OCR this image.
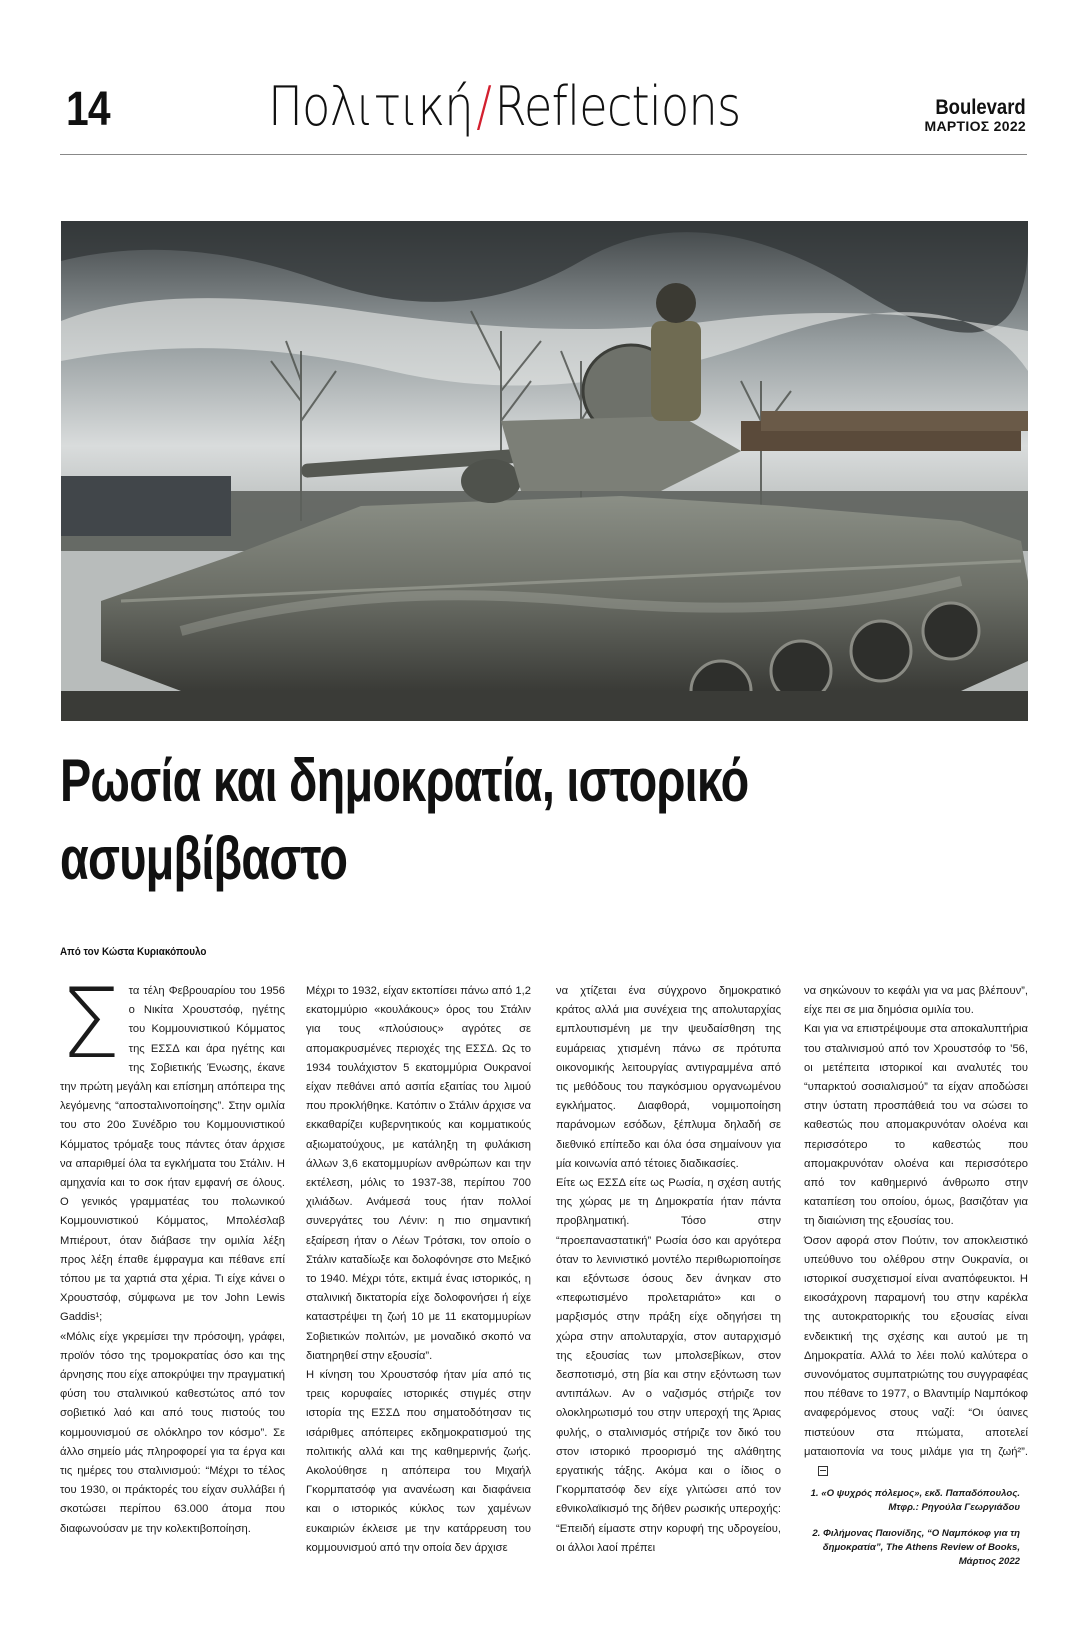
14	Πολιτική/Reflections	Boulevard
ΜΑΡΤΙΟΣ 2022
Ρωσία και δημοκρατία, ιστορικό
ασυμβίβαστο
Από τον Κώστα Κυριακόπουλο
Σ τα τέλη Φεβρουαρίου του 1956 ο Νικίτα Χρουστσόφ, ηγέτης του Κομμουνιστικού Κόμματος της ΕΣΣΔ και άρα ηγέτης και της Σοβιετικής Ένωσης, έκανε την πρώτη μεγάλη και επίσημη απόπειρα της λεγόμενης “αποσταλινοποίησης”. Στην ομιλία του στο 20ο Συνέδριο του Κομμουνιστικού Κόμματος τρόμαξε τους πάντες όταν άρχισε να απαριθμεί όλα τα εγκλήματα του Στάλιν. Η αμηχανία και το σοκ ήταν εμφανή σε όλους. Ο γενικός γραμματέας του πολωνικού Κομμουνιστικού Κόμματος, Μπολέσλαβ Μπιέρουτ, όταν διάβασε την ομιλία λέξη προς λέξη έπαθε έμφραγμα και πέθανε επί τόπου με τα χαρτιά στα χέρια. Τι είχε κάνει ο Χρουστσόφ, σύμφωνα με τον John Lewis Gaddis¹;

«Μόλις είχε γκρεμίσει την πρόσοψη, γράφει, προϊόν τόσο της τρομοκρατίας όσο και της άρνησης που είχε αποκρύψει την πραγματική φύση του σταλινικού καθεστώτος από τον σοβιετικό λαό και από τους πιστούς του κομμουνισμού σε ολόκληρο τον κόσμο”. Σε άλλο σημείο μάς πληροφορεί για τα έργα και τις ημέρες του σταλινισμού: “Μέχρι το τέλος του 1930, οι πράκτορές του είχαν συλλάβει ή σκοτώσει περίπου 63.000 άτομα που διαφωνούσαν με την κολεκτιβοποίηση.

Μέχρι το 1932, είχαν εκτοπίσει πάνω από 1,2 εκατομμύριο «κουλάκους» όρος του Στάλιν για τους «πλούσιους» αγρότες σε απομακρυσμένες περιοχές της ΕΣΣΔ. Ως το 1934 τουλάχιστον 5 εκατομμύρια Ουκρανοί είχαν πεθάνει από ασιτία εξαιτίας του λιμού που προκλήθηκε. Κατόπιν ο Στάλιν άρχισε να εκκαθαρίζει κυβερνητικούς και κομματικούς αξιωματούχους, με κατάληξη τη φυλάκιση άλλων 3,6 εκατομμυρίων ανθρώπων και την εκτέλεση, μόλις το 1937-38, περίπου 700 χιλιάδων. Ανάμεσά τους ήταν πολλοί συνεργάτες του Λένιν: η πιο σημαντική εξαίρεση ήταν ο Λέων Τρότσκι, τον οποίο ο Στάλιν καταδίωξε και δολοφόνησε στο Μεξικό το 1940. Μέχρι τότε, εκτιμά ένας ιστορικός, η σταλινική δικτατορία είχε δολοφονήσει ή είχε καταστρέψει τη ζωή 10 με 11 εκατομμυρίων Σοβιετικών πολιτών, με μοναδικό σκοπό να διατηρηθεί στην εξουσία”.

Η κίνηση του Χρουστσόφ ήταν μία από τις τρεις κορυφαίες ιστορικές στιγμές στην ιστορία της ΕΣΣΔ που σηματοδότησαν τις ισάριθμες απόπειρες εκδημοκρατισμού της πολιτικής αλλά και της καθημερινής ζωής. Ακολούθησε η απόπειρα του Μιχαήλ Γκορμπατσόφ για ανανέωση και διαφάνεια και ο ιστορικός κύκλος των χαμένων ευκαιριών έκλεισε με την κατάρρευση του κομμουνισμού από την οποία δεν άρχισε

να χτίζεται ένα σύγχρονο δημοκρατικό κράτος αλλά μια συνέχεια της απολυταρχίας εμπλουτισμένη με την ψευδαίσθηση της ευμάρειας χτισμένη πάνω σε πρότυπα οικονομικής λειτουργίας αντιγραμμένα από τις μεθόδους του παγκόσμιου οργανωμένου εγκλήματος. Διαφθορά, νομιμοποίηση παράνομων εσόδων, ξέπλυμα δηλαδή σε διεθνικό επίπεδο και όλα όσα σημαίνουν για μία κοινωνία από τέτοιες διαδικασίες.

Είτε ως ΕΣΣΔ είτε ως Ρωσία, η σχέση αυτής της χώρας με τη Δημοκρατία ήταν πάντα προβληματική. Τόσο στην “προεπαναστατική” Ρωσία όσο και αργότερα όταν το λενινιστικό μοντέλο περιθωριοποίησε και εξόντωσε όσους δεν άνηκαν στο «πεφωτισμένο προλεταριάτο» και ο μαρξισμός στην πράξη είχε οδηγήσει τη χώρα στην απολυταρχία, στον αυταρχισμό της εξουσίας των μπολσεβίκων, στον δεσποτισμό, στη βία και στην εξόντωση των αντιπάλων. Αν ο ναζισμός στήριζε τον ολοκληρωτισμό του στην υπεροχή της Άριας φυλής, ο σταλινισμός στήριζε τον δικό του στον ιστορικό προορισμό της αλάθητης εργατικής τάξης. Ακόμα και ο ίδιος ο Γκορμπατσόφ δεν είχε γλιτώσει από τον εθνικολαϊκισμό της δήθεν ρωσικής υπεροχής: “Επειδή είμαστε στην κορυφή της υδρογείου, οι άλλοι λαοί πρέπει

να σηκώνουν το κεφάλι για να μας βλέπουν”, είχε πει σε μια δημόσια ομιλία του.

Και για να επιστρέψουμε στα αποκαλυπτήρια του σταλινισμού από τον Χρουστσόφ το ’56, οι μετέπειτα ιστορικοί και αναλυτές του “υπαρκτού σοσιαλισμού” τα είχαν αποδώσει στην ύστατη προσπάθειά του να σώσει το καθεστώς που απομακρυνόταν ολοένα και περισσότερο το καθεστώς που απομακρυνόταν ολοένα και περισσότερο από τον καθημερινό άνθρωπο στην καταπίεση του οποίου, όμως, βασιζόταν για τη διαιώνιση της εξουσίας του.

Όσον αφορά στον Πούτιν, τον αποκλειστικό υπεύθυνο του ολέθρου στην Ουκρανία, οι ιστορικοί συσχετισμοί είναι αναπόφευκτοι. Η εικοσάχρονη παραμονή του στην καρέκλα της αυτοκρατορικής του εξουσίας είναι ενδεικτική της σχέσης και αυτού με τη Δημοκρατία. Αλλά το λέει πολύ καλύτερα ο συνονόματος συμπατριώτης του συγγραφέας που πέθανε το 1977, ο Βλαντιμίρ Ναμπόκοφ αναφερόμενος στους ναζί: “Οι ύαινες πιστεύουν στα πτώματα, αποτελεί ματαιοπονία να τους μιλάμε για τη ζωή²”.

1. «Ο ψυχρός πόλεμος», εκδ. Παπαδόπουλος. Μτφρ.: Ρηγούλα Γεωργιάδου

2. Φιλήμονας Παιονίδης, “Ο Ναμπόκοφ για τη δημοκρατία”, The Athens Review of Books, Μάρτιος 2022
